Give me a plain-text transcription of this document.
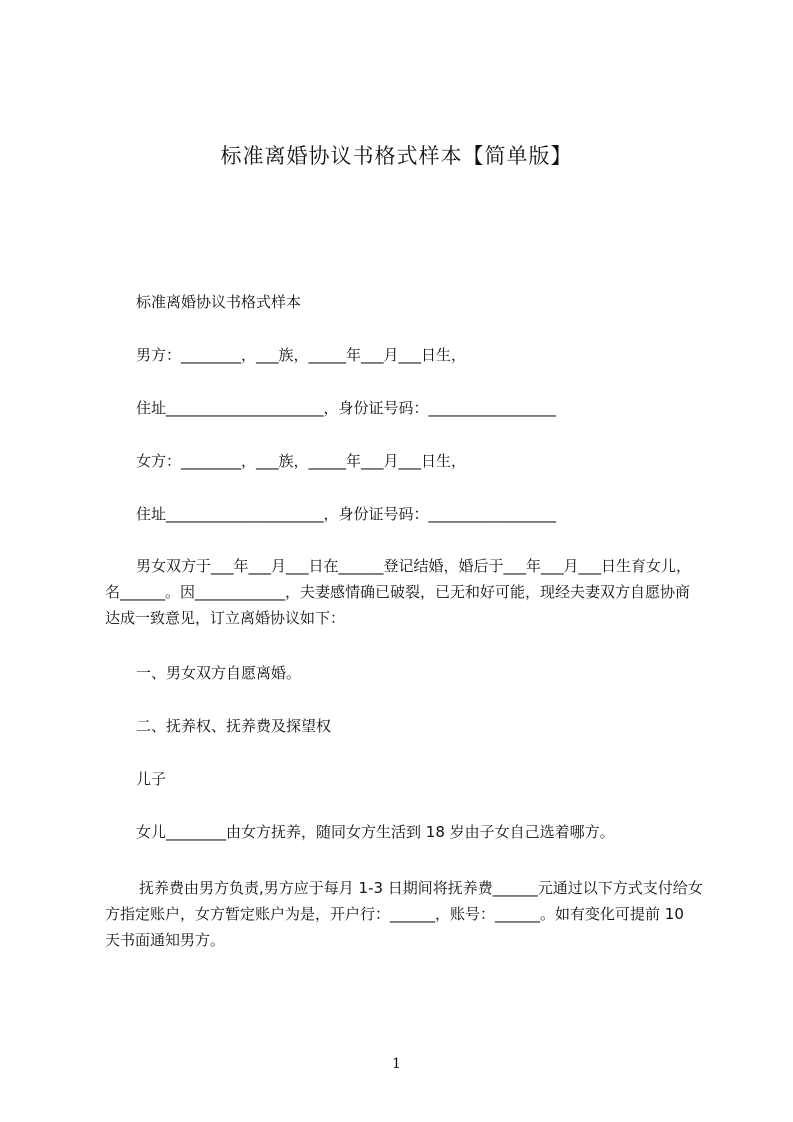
标准离婚协议书格式样本【简单版】
标准离婚协议书格式样本
男方：________，___族，_____年___月___日生，
住址_____________________，身份证号码：_________________
女方：________，___族，_____年___月___日生，
住址_____________________，身份证号码：_________________

男女双方于___年___月___日在______登记结婚，婚后于___年___月___日生育女儿，名______。因____________，夫妻感情确已破裂，已无和好可能，现经夫妻双方自愿协商达成一致意见，订立离婚协议如下：

一、男女双方自愿离婚。
二、抚养权、抚养费及探望权
儿子
女儿________由女方抚养，随同女方生活到 18 岁由子女自己选着哪方。

抚养费由男方负责,男方应于每月 1-3 日期间将抚养费______元通过以下方式支付给女方指定账户，女方暂定账户为是，开户行：______，账号：______。如有变化可提前 10 天书面通知男方。

1
